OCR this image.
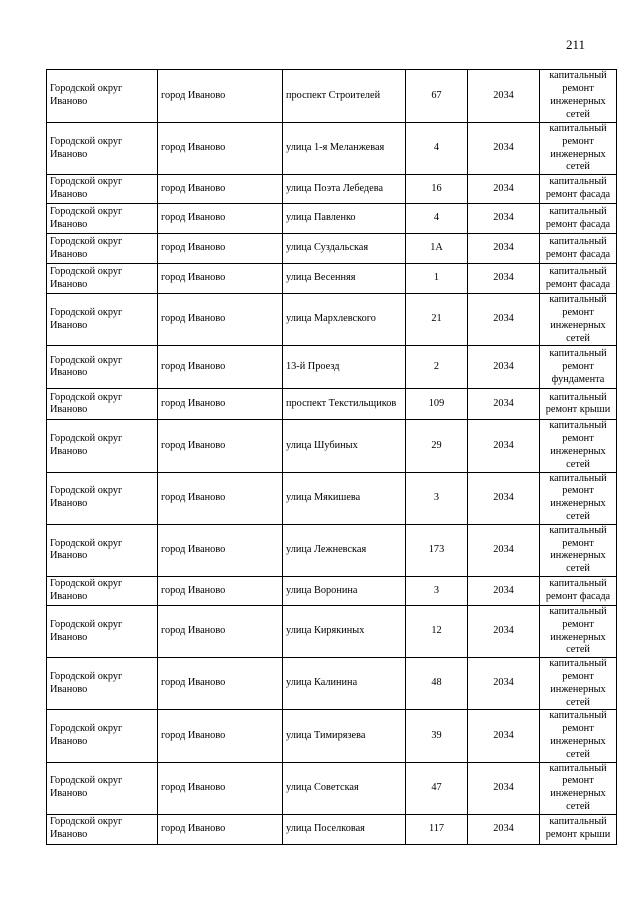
211
Городской округ Иваново	город Иваново	проспект Строителей	67	2034	капитальный ремонт инженерных сетей
Городской округ Иваново	город Иваново	улица 1-я Меланжевая	4	2034	капитальный ремонт инженерных сетей
Городской округ Иваново	город Иваново	улица Поэта Лебедева	16	2034	капитальный ремонт фасада
Городской округ Иваново	город Иваново	улица Павленко	4	2034	капитальный ремонт фасада
Городской округ Иваново	город Иваново	улица Суздальская	1А	2034	капитальный ремонт фасада
Городской округ Иваново	город Иваново	улица Весенняя	1	2034	капитальный ремонт фасада
Городской округ Иваново	город Иваново	улица Мархлевского	21	2034	капитальный ремонт инженерных сетей
Городской округ Иваново	город Иваново	13-й Проезд	2	2034	капитальный ремонт фундамента
Городской округ Иваново	город Иваново	проспект Текстильщиков	109	2034	капитальный ремонт крыши
Городской округ Иваново	город Иваново	улица Шубиных	29	2034	капитальный ремонт инженерных сетей
Городской округ Иваново	город Иваново	улица Мякишева	3	2034	капитальный ремонт инженерных сетей
Городской округ Иваново	город Иваново	улица Лежневская	173	2034	капитальный ремонт инженерных сетей
Городской округ Иваново	город Иваново	улица Воронина	3	2034	капитальный ремонт фасада
Городской округ Иваново	город Иваново	улица Кирякиных	12	2034	капитальный ремонт инженерных сетей
Городской округ Иваново	город Иваново	улица Калинина	48	2034	капитальный ремонт инженерных сетей
Городской округ Иваново	город Иваново	улица Тимирязева	39	2034	капитальный ремонт инженерных сетей
Городской округ Иваново	город Иваново	улица Советская	47	2034	капитальный ремонт инженерных сетей
Городской округ Иваново	город Иваново	улица Поселковая	117	2034	капитальный ремонт крыши
